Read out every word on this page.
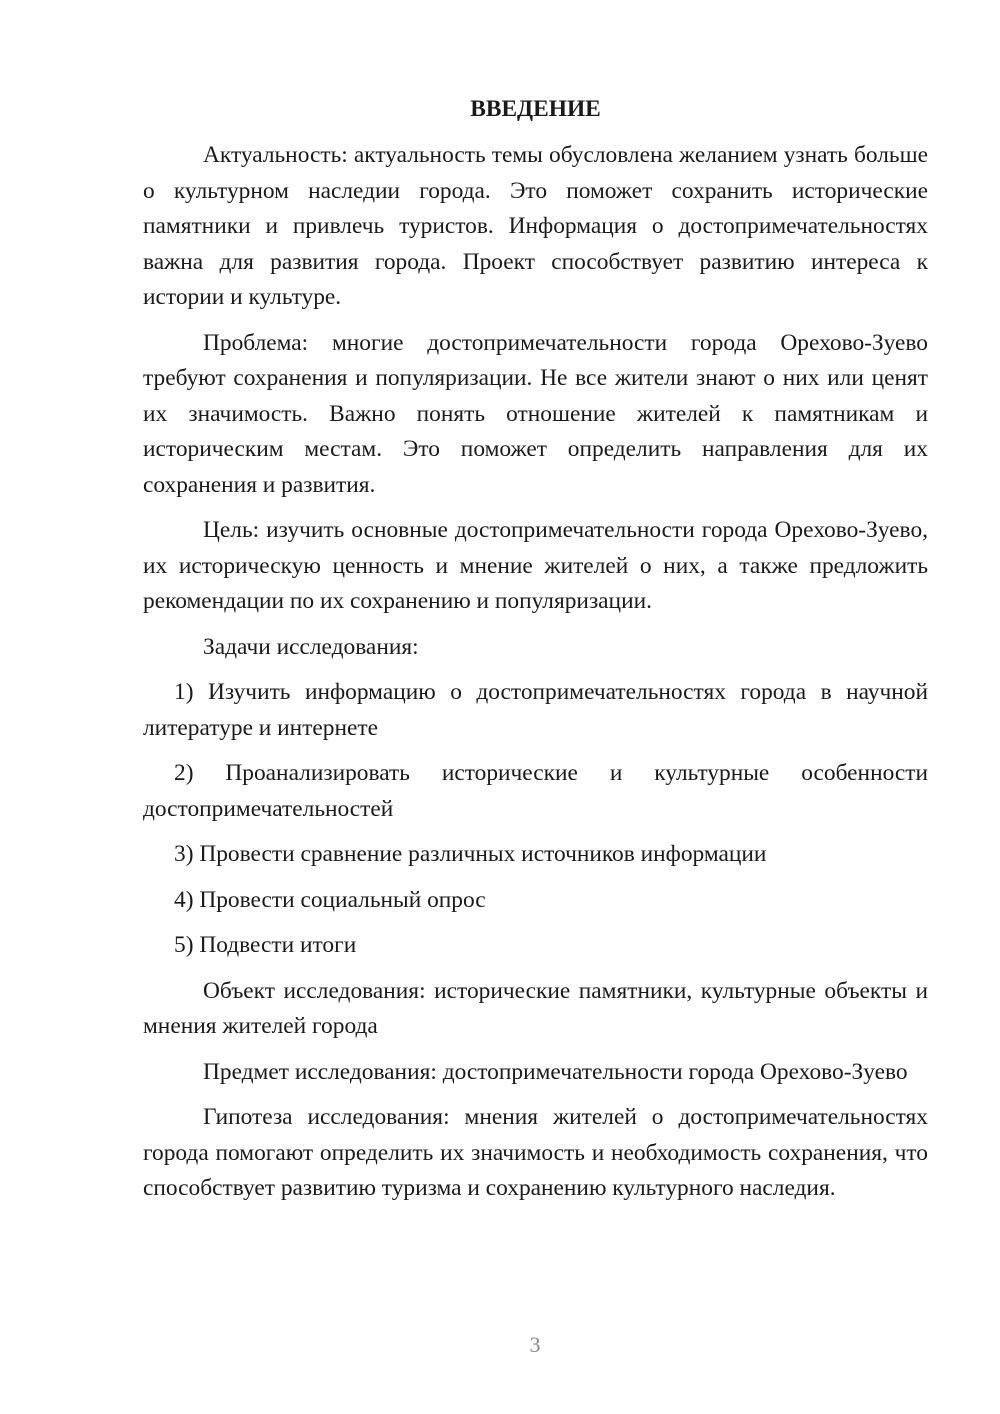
ВВЕДЕНИЕ

Актуальность: актуальность темы обусловлена желанием узнать больше о культурном наследии города. Это поможет сохранить исторические памятники и привлечь туристов. Информация о достопримечательностях важна для развития города. Проект способствует развитию интереса к истории и культуре.

Проблема: многие достопримечательности города Орехово-Зуево требуют сохранения и популяризации. Не все жители знают о них или ценят их значимость. Важно понять отношение жителей к памятникам и историческим местам. Это поможет определить направления для их сохранения и развития.

Цель: изучить основные достопримечательности города Орехово-Зуево, их историческую ценность и мнение жителей о них, а также предложить рекомендации по их сохранению и популяризации.

Задачи исследования:

1) Изучить информацию о достопримечательностях города в научной литературе и интернете

2) Проанализировать исторические и культурные особенности достопримечательностей

3) Провести сравнение различных источников информации

4) Провести социальный опрос

5) Подвести итоги

Объект исследования: исторические памятники, культурные объекты и мнения жителей города

Предмет исследования: достопримечательности города Орехово-Зуево

Гипотеза исследования: мнения жителей о достопримечательностях города помогают определить их значимость и необходимость сохранения, что способствует развитию туризма и сохранению культурного наследия.

3
